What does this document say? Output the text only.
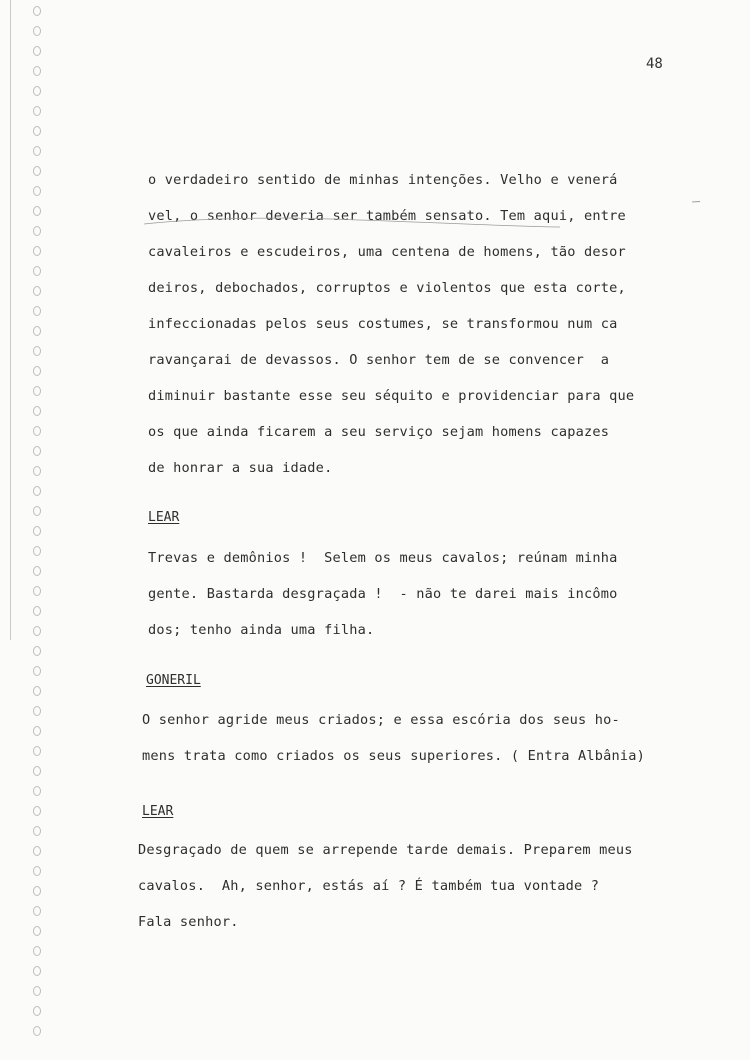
48
o verdadeiro sentido de minhas intenções. Velho e venerá
vel, o senhor deveria ser também sensato. Tem aqui, entre
cavaleiros e escudeiros, uma centena de homens, tão desor
deiros, debochados, corruptos e violentos que esta corte,
infeccionadas pelos seus costumes, se transformou num ca
ravançarai de devassos. O senhor tem de se convencer  a
diminuir bastante esse seu séquito e providenciar para que
os que ainda ficarem a seu serviço sejam homens capazes
de honrar a sua idade.
LEAR
Trevas e demônios !  Selem os meus cavalos; reúnam minha
gente. Bastarda desgraçada !  - não te darei mais incômo
dos; tenho ainda uma filha.
GONERIL
O senhor agride meus criados; e essa escória dos seus ho-
mens trata como criados os seus superiores. ( Entra Albânia)
LEAR
Desgraçado de quem se arrepende tarde demais. Preparem meus
cavalos.  Ah, senhor, estás aí ? É também tua vontade ?
Fala senhor.
